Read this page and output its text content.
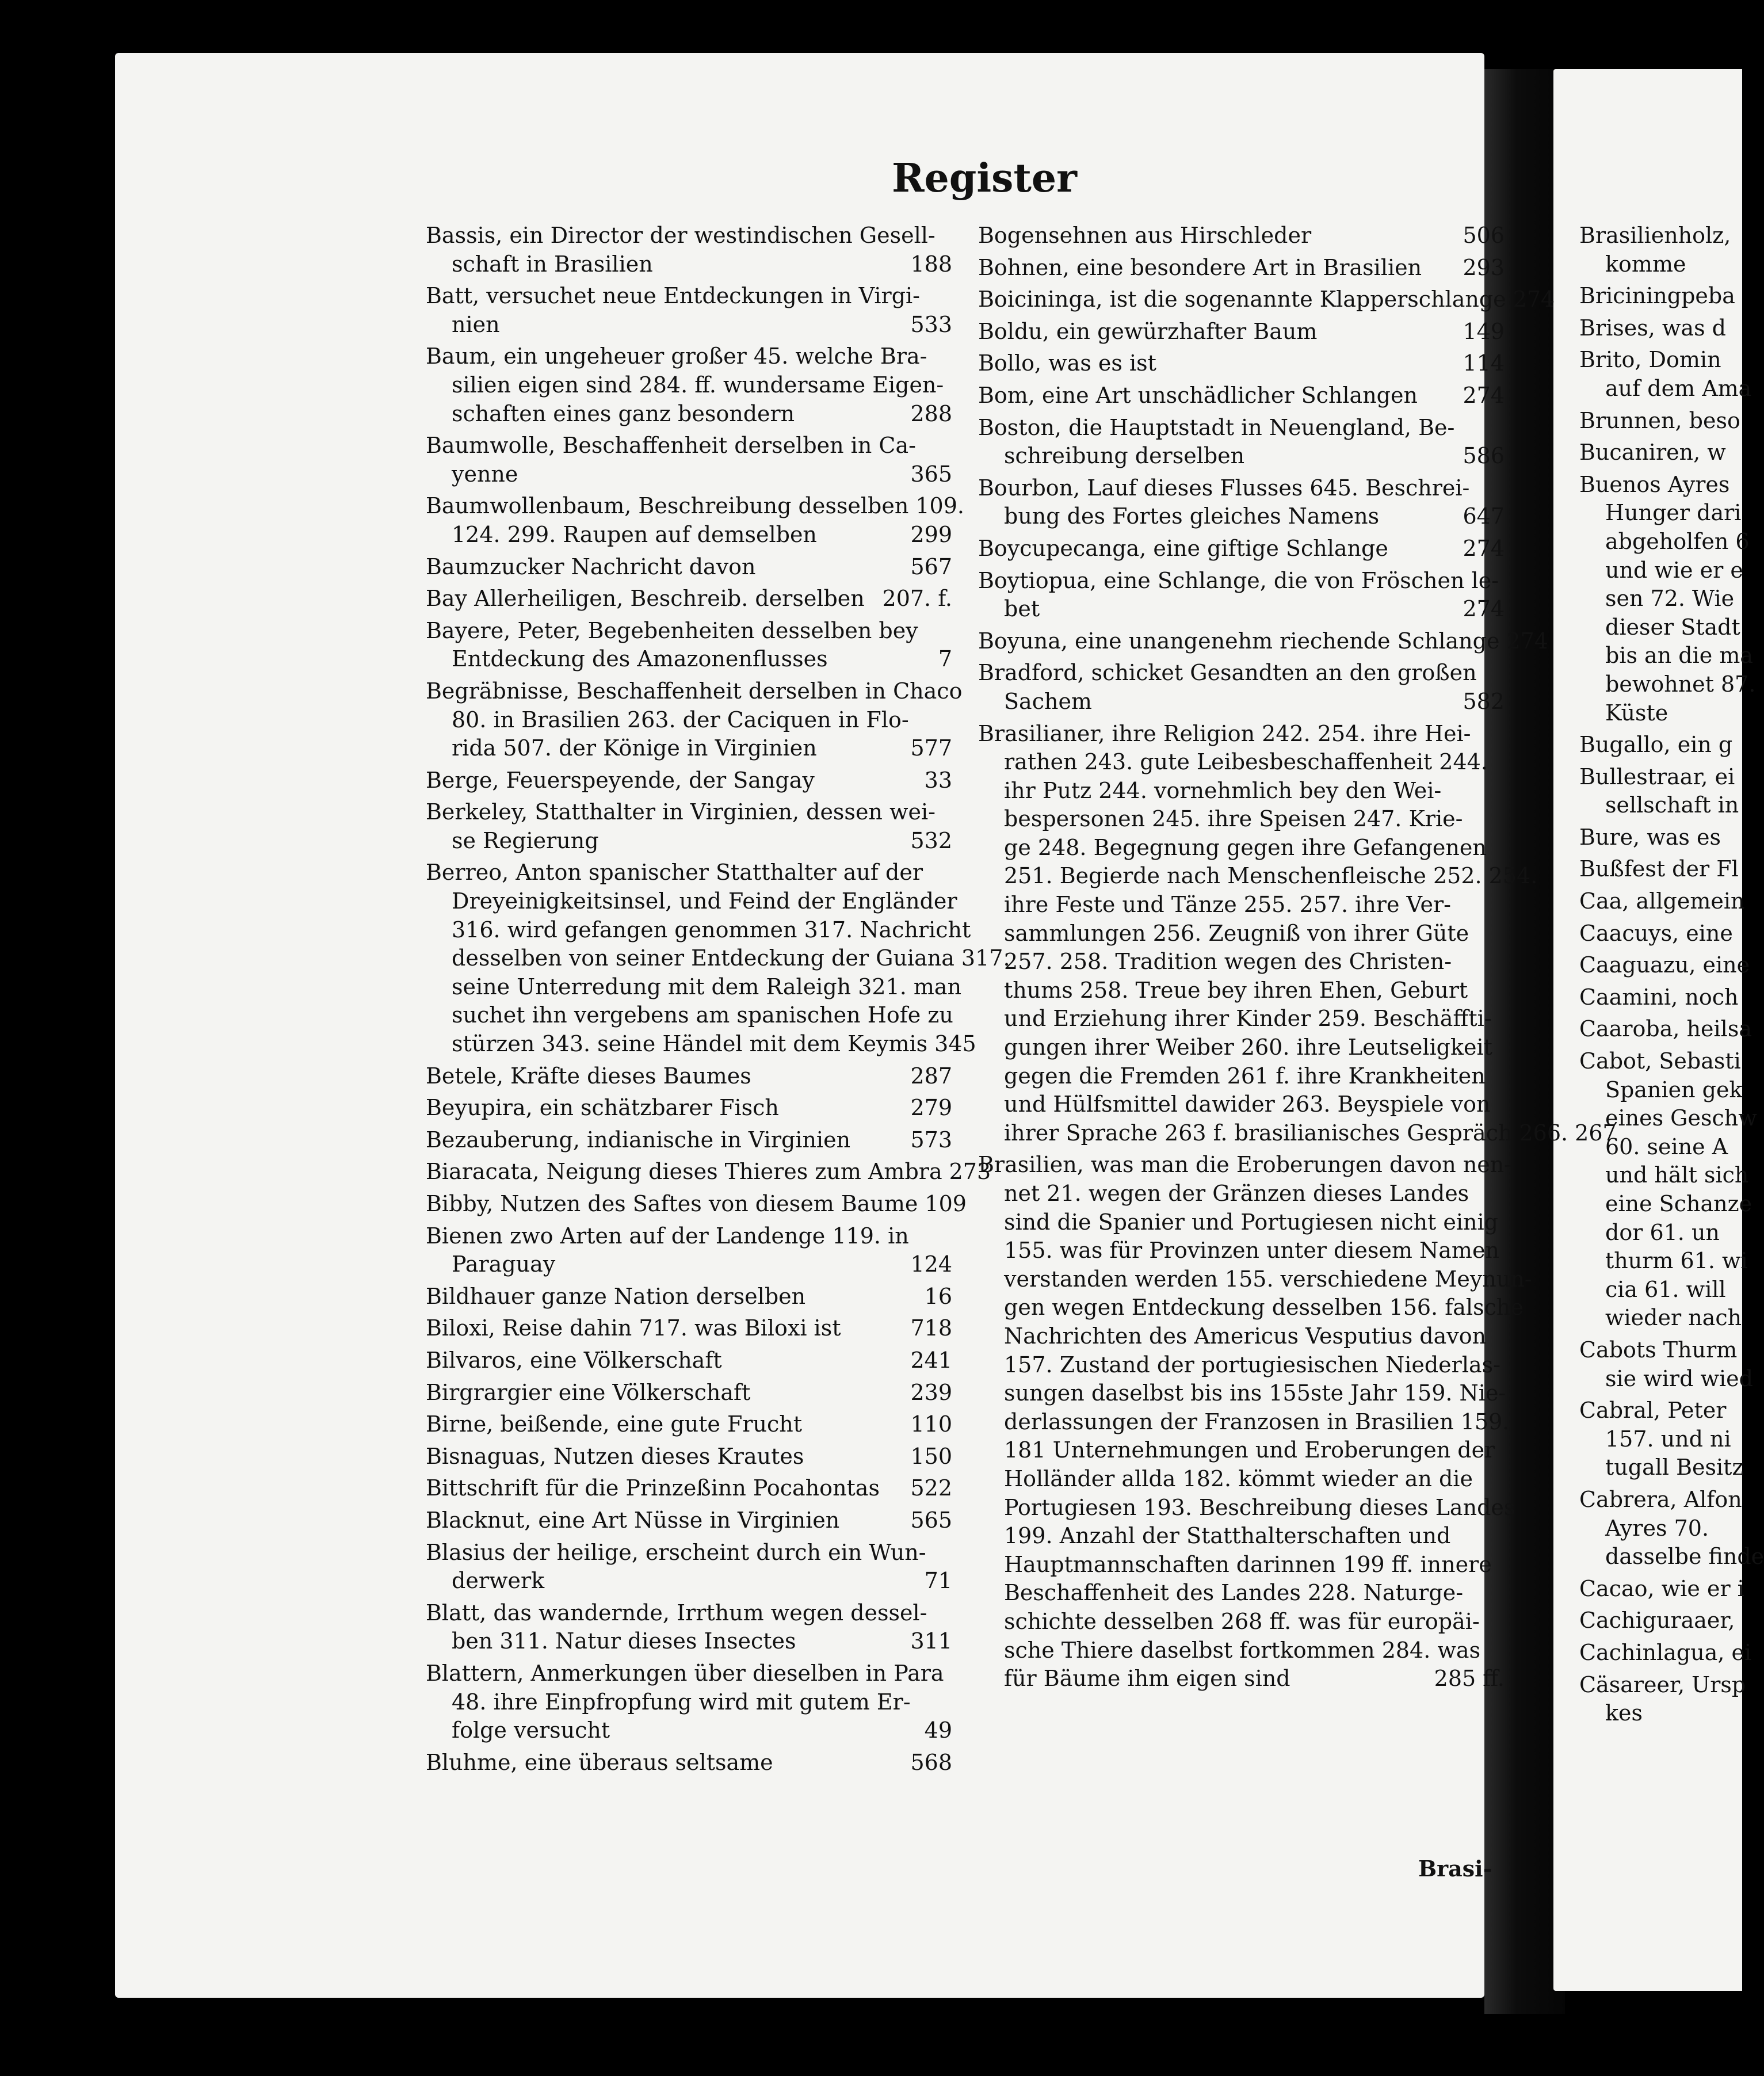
Register
Bassis, ein Director der westindischen Gesell-
schaft in Brasilien	188
Batt, versuchet neue Entdeckungen in Virgi-
nien	533
Baum, ein ungeheuer großer 45. welche Bra-
silien eigen sind 284. ff. wundersame Eigen-
schaften eines ganz besondern	288
Baumwolle, Beschaffenheit derselben in Ca-
yenne	365
Baumwollenbaum, Beschreibung desselben 109.
124. 299. Raupen auf demselben	299
Baumzucker Nachricht davon	567
Bay Allerheiligen, Beschreib. derselben 207. f.
Bayere, Peter, Begebenheiten desselben bey
Entdeckung des Amazonenflusses	7
Begräbnisse, Beschaffenheit derselben in Chaco
80. in Brasilien 263. der Caciquen in Flo-
rida 507. der Könige in Virginien	577
Berge, Feuerspeyende, der Sangay	33
Berkeley, Statthalter in Virginien, dessen wei-
se Regierung	532
Berreo, Anton spanischer Statthalter auf der
Dreyeinigkeitsinsel, und Feind der Engländer
316. wird gefangen genommen 317. Nachricht
desselben von seiner Entdeckung der Guiana 317.
seine Unterredung mit dem Raleigh 321. man
suchet ihn vergebens am spanischen Hofe zu
stürzen 343. seine Händel mit dem Keymis 345
Betele, Kräfte dieses Baumes	287
Beyupira, ein schätzbarer Fisch	279
Bezauberung, indianische in Virginien	573
Biaracata, Neigung dieses Thieres zum Ambra 273
Bibby, Nutzen des Saftes von diesem Baume 109
Bienen zwo Arten auf der Landenge 119. in
Paraguay	124
Bildhauer ganze Nation derselben	16
Biloxi, Reise dahin 717. was Biloxi ist	718
Bilvaros, eine Völkerschaft	241
Birgrargier eine Völkerschaft	239
Birne, beißende, eine gute Frucht	110
Bisnaguas, Nutzen dieses Krautes	150
Bittschrift für die Prinzeßinn Pocahontas	522
Blacknut, eine Art Nüsse in Virginien	565
Blasius der heilige, erscheint durch ein Wun-
derwerk	71
Blatt, das wandernde, Irrthum wegen dessel-
ben 311. Natur dieses Insectes	311
Blattern, Anmerkungen über dieselben in Para
48. ihre Einpfropfung wird mit gutem Er-
folge versucht	49
Bluhme, eine überaus seltsame	568
Bogensehnen aus Hirschleder	506
Bohnen, eine besondere Art in Brasilien	293
Boicininga, ist die sogenannte Klapperschlange 274
Boldu, ein gewürzhafter Baum	149
Bollo, was es ist	114
Bom, eine Art unschädlicher Schlangen	274
Boston, die Hauptstadt in Neuengland, Be-
schreibung derselben	586
Bourbon, Lauf dieses Flusses 645. Beschrei-
bung des Fortes gleiches Namens	647
Boycupecanga, eine giftige Schlange	274
Boytiopua, eine Schlange, die von Fröschen le-
bet	274
Boyuna, eine unangenehm riechende Schlange 274
Bradford, schicket Gesandten an den großen
Sachem	582
Brasilianer, ihre Religion 242. 254. ihre Hei-
rathen 243. gute Leibesbeschaffenheit 244.
ihr Putz 244. vornehmlich bey den Wei-
bespersonen 245. ihre Speisen 247. Krie-
ge 248. Begegnung gegen ihre Gefangenen
251. Begierde nach Menschenfleische 252. 254.
ihre Feste und Tänze 255. 257. ihre Ver-
sammlungen 256. Zeugniß von ihrer Güte
257. 258. Tradition wegen des Christen-
thums 258. Treue bey ihren Ehen, Geburt
und Erziehung ihrer Kinder 259. Beschäffti-
gungen ihrer Weiber 260. ihre Leutseligkeit
gegen die Fremden 261 f. ihre Krankheiten
und Hülfsmittel dawider 263. Beyspiele von
ihrer Sprache 263 f. brasilianisches Gespräch 266. 267
Brasilien, was man die Eroberungen davon nen-
net 21. wegen der Gränzen dieses Landes
sind die Spanier und Portugiesen nicht einig
155. was für Provinzen unter diesem Namen
verstanden werden 155. verschiedene Meynun-
gen wegen Entdeckung desselben 156. falsche
Nachrichten des Americus Vesputius davon
157. Zustand der portugiesischen Niederlas-
sungen daselbst bis ins 155ste Jahr 159. Nie-
derlassungen der Franzosen in Brasilien 159.
181 Unternehmungen und Eroberungen der
Holländer allda 182. kömmt wieder an die
Portugiesen 193. Beschreibung dieses Landes
199. Anzahl der Statthalterschaften und
Hauptmannschaften darinnen 199 ff. innere
Beschaffenheit des Landes 228. Naturge-
schichte desselben 268 ff. was für europäi-
sche Thiere daselbst fortkommen 284. was
für Bäume ihm eigen sind	285 ff.
Brasilienholz,
komme
Briciningpeba
Brises, was d
Brito, Domin
auf dem Ama
Brunnen, beso
Bucaniren, w
Buenos Ayres
Hunger dari
abgeholfen 6
und wie er e
sen 72. Wie
dieser Stadt
bis an die ma
bewohnet 87.
Küste
Bugallo, ein g
Bullestraar, ei
sellschaft in
Bure, was es
Bußfest der Fl
Caa, allgemein
Caacuys, eine
Caaguazu, eine
Caamini, noch
Caaroba, heilsa
Cabot, Sebasti
Spanien gek
eines Geschw
60. seine A
und hält sich
eine Schanze
dor 61. un
thurm 61. wi
cia 61. will
wieder nach
Cabots Thurm
sie wird wied
Cabral, Peter
157. und ni
tugall Besitz
Cabrera, Alfon
Ayres 70.
dasselbe finde
Cacao, wie er i
Cachiguraaer,
Cachinlagua, ei
Cäsareer, Ursp
kes
Brasi-
